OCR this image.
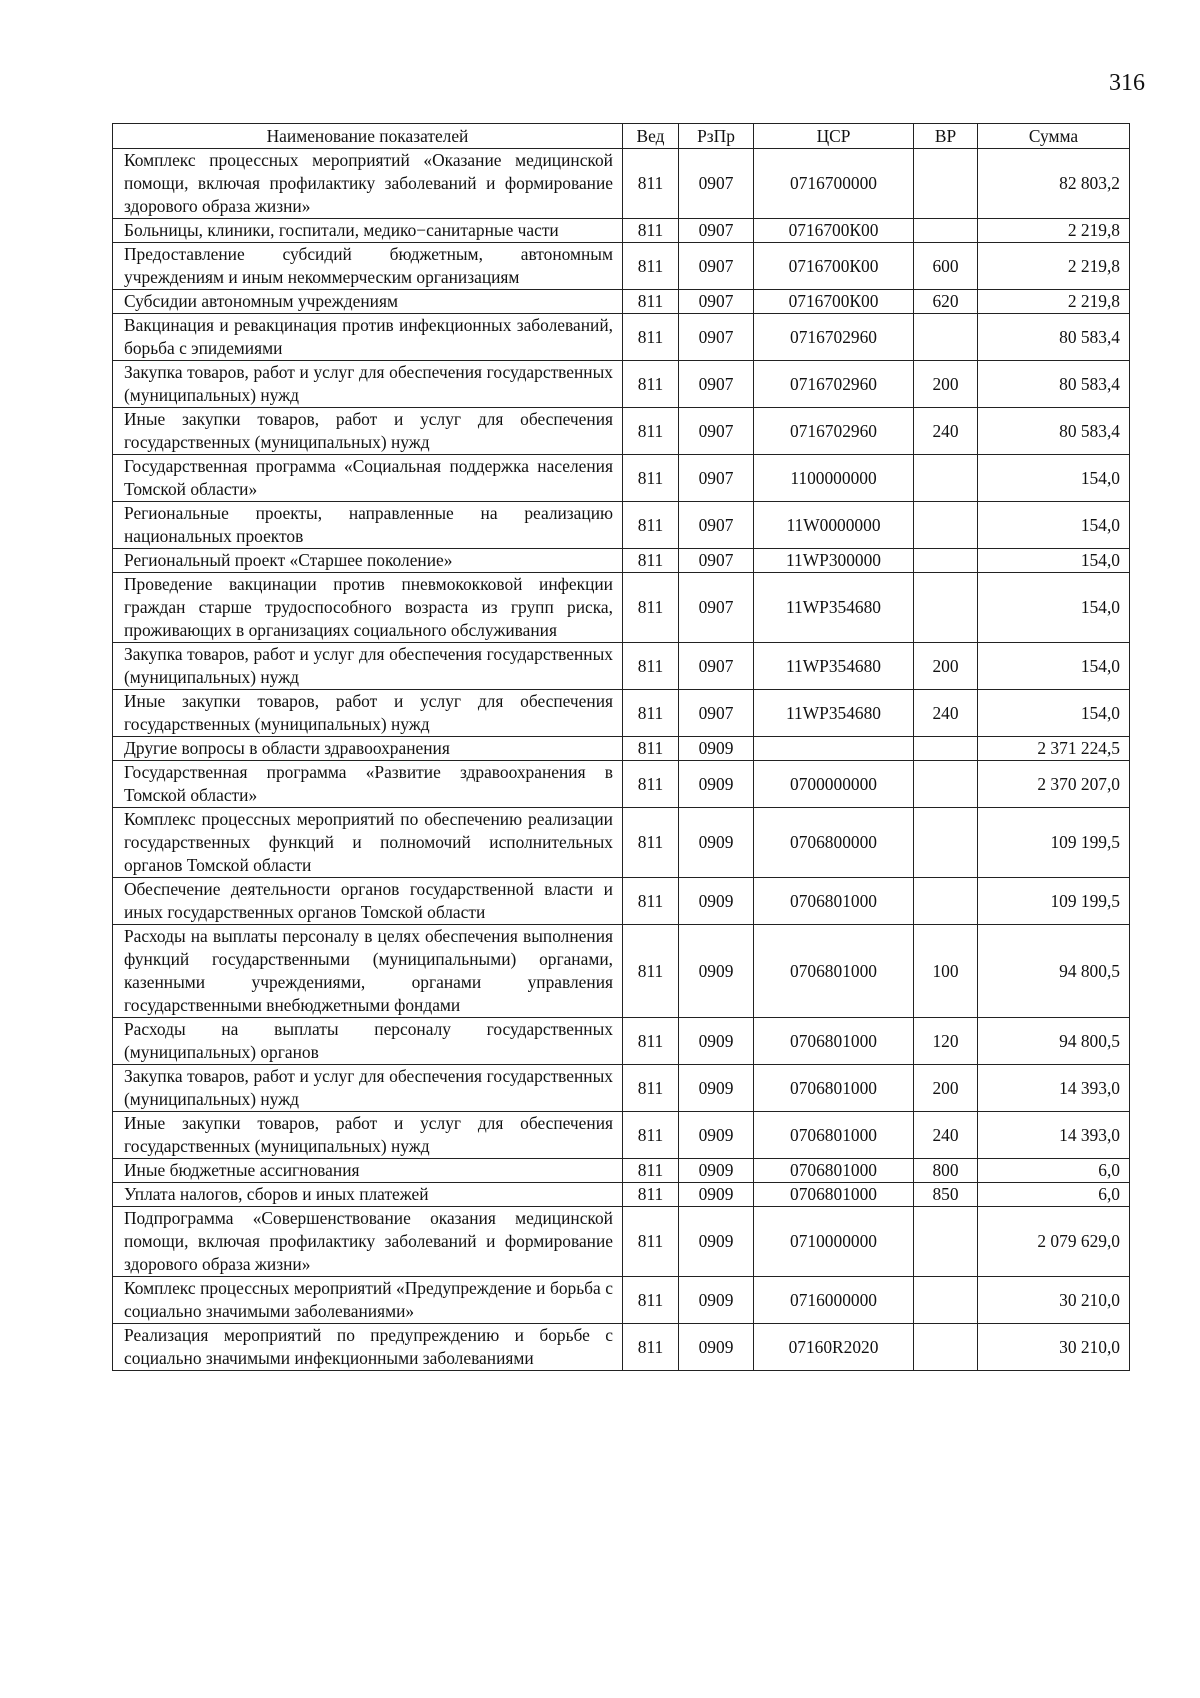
316
Наименование показателей	Вед	РзПр	ЦСР	ВР	Сумма
Комплекс процессных мероприятий «Оказание медицинской помощи, включая профилактику заболеваний и формирование здорового образа жизни»	811	0907	0716700000		82 803,2
Больницы, клиники, госпитали, медико−санитарные части	811	0907	0716700К00		2 219,8
Предоставление субсидий бюджетным, автономным учреждениям и иным некоммерческим организациям	811	0907	0716700К00	600	2 219,8
Субсидии автономным учреждениям	811	0907	0716700К00	620	2 219,8
Вакцинация и ревакцинация против инфекционных заболеваний, борьба с эпидемиями	811	0907	0716702960		80 583,4
Закупка товаров, работ и услуг для обеспечения государственных (муниципальных) нужд	811	0907	0716702960	200	80 583,4
Иные закупки товаров, работ и услуг для обеспечения государственных (муниципальных) нужд	811	0907	0716702960	240	80 583,4
Государственная программа «Социальная поддержка населения Томской области»	811	0907	1100000000		154,0
Региональные проекты, направленные на реализацию национальных проектов	811	0907	11W0000000		154,0
Региональный проект «Старшее поколение»	811	0907	11WP300000		154,0
Проведение вакцинации против пневмококковой инфекции граждан старше трудоспособного возраста из групп риска, проживающих в организациях социального обслуживания	811	0907	11WP354680		154,0
Закупка товаров, работ и услуг для обеспечения государственных (муниципальных) нужд	811	0907	11WP354680	200	154,0
Иные закупки товаров, работ и услуг для обеспечения государственных (муниципальных) нужд	811	0907	11WP354680	240	154,0
Другие вопросы в области здравоохранения	811	0909			2 371 224,5
Государственная программа «Развитие здравоохранения в Томской области»	811	0909	0700000000		2 370 207,0
Комплекс процессных мероприятий по обеспечению реализации государственных функций и полномочий исполнительных органов Томской области	811	0909	0706800000		109 199,5
Обеспечение деятельности органов государственной власти и иных государственных органов Томской области	811	0909	0706801000		109 199,5
Расходы на выплаты персоналу в целях обеспечения выполнения функций государственными (муниципальными) органами, казенными учреждениями, органами управления государственными внебюджетными фондами	811	0909	0706801000	100	94 800,5
Расходы на выплаты персоналу государственных (муниципальных) органов	811	0909	0706801000	120	94 800,5
Закупка товаров, работ и услуг для обеспечения государственных (муниципальных) нужд	811	0909	0706801000	200	14 393,0
Иные закупки товаров, работ и услуг для обеспечения государственных (муниципальных) нужд	811	0909	0706801000	240	14 393,0
Иные бюджетные ассигнования	811	0909	0706801000	800	6,0
Уплата налогов, сборов и иных платежей	811	0909	0706801000	850	6,0
Подпрограмма «Совершенствование оказания медицинской помощи, включая профилактику заболеваний и формирование здорового образа жизни»	811	0909	0710000000		2 079 629,0
Комплекс процессных мероприятий «Предупреждение и борьба с социально значимыми заболеваниями»	811	0909	0716000000		30 210,0
Реализация мероприятий по предупреждению и борьбе с социально значимыми инфекционными заболеваниями	811	0909	07160R2020		30 210,0
